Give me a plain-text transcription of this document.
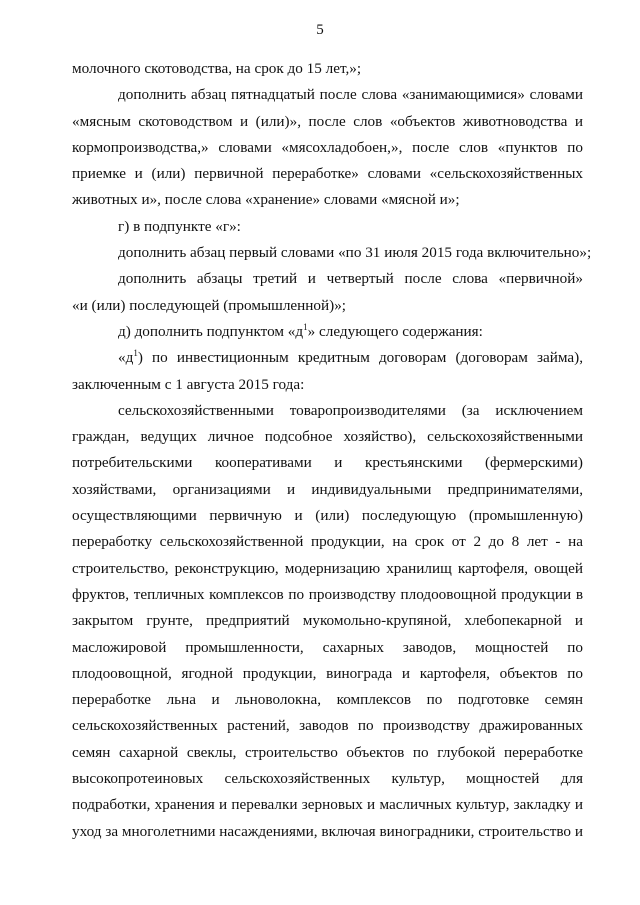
5
молочного скотоводства, на срок до 15 лет,»;
дополнить абзац пятнадцатый после слова «занимающимися» словами
«мясным скотоводством и (или)», после слов «объектов животноводства и
кормопроизводства,» словами «мясохладобоен,», после слов «пунктов по
приемке и (или) первичной переработке» словами «сельскохозяйственных
животных и», после слова «хранение» словами «мясной и»;
г) в подпункте «г»:
дополнить абзац первый словами «по 31 июля 2015 года включительно»;
дополнить абзацы третий и четвертый после слова «первичной»
«и (или) последующей (промышленной)»;
д) дополнить подпунктом «$д^1$» следующего содержания:
«$д^1$) по инвестиционным кредитным договорам (договорам займа),
заключенным с 1 августа 2015 года:
сельскохозяйственными товаропроизводителями (за исключением
граждан, ведущих личное подсобное хозяйство), сельскохозяйственными
потребительскими кооперативами и крестьянскими (фермерскими)
хозяйствами, организациями и индивидуальными предпринимателями,
осуществляющими первичную и (или) последующую (промышленную)
переработку сельскохозяйственной продукции, на срок от 2 до 8 лет - на
строительство, реконструкцию, модернизацию хранилищ картофеля, овощей
фруктов, тепличных комплексов по производству плодоовощной продукции в
закрытом грунте, предприятий мукомольно-крупяной, хлебопекарной и
масложировой промышленности, сахарных заводов, мощностей по
плодоовощной, ягодной продукции, винограда и картофеля, объектов по
переработке льна и льноволокна, комплексов по подготовке семян
сельскохозяйственных растений, заводов по производству дражированных
семян сахарной свеклы, строительство объектов по глубокой переработке
высокопротеиновых сельскохозяйственных культур, мощностей для
подработки, хранения и перевалки зерновых и масличных культур, закладку и
уход за многолетними насаждениями, включая виноградники, строительство и
